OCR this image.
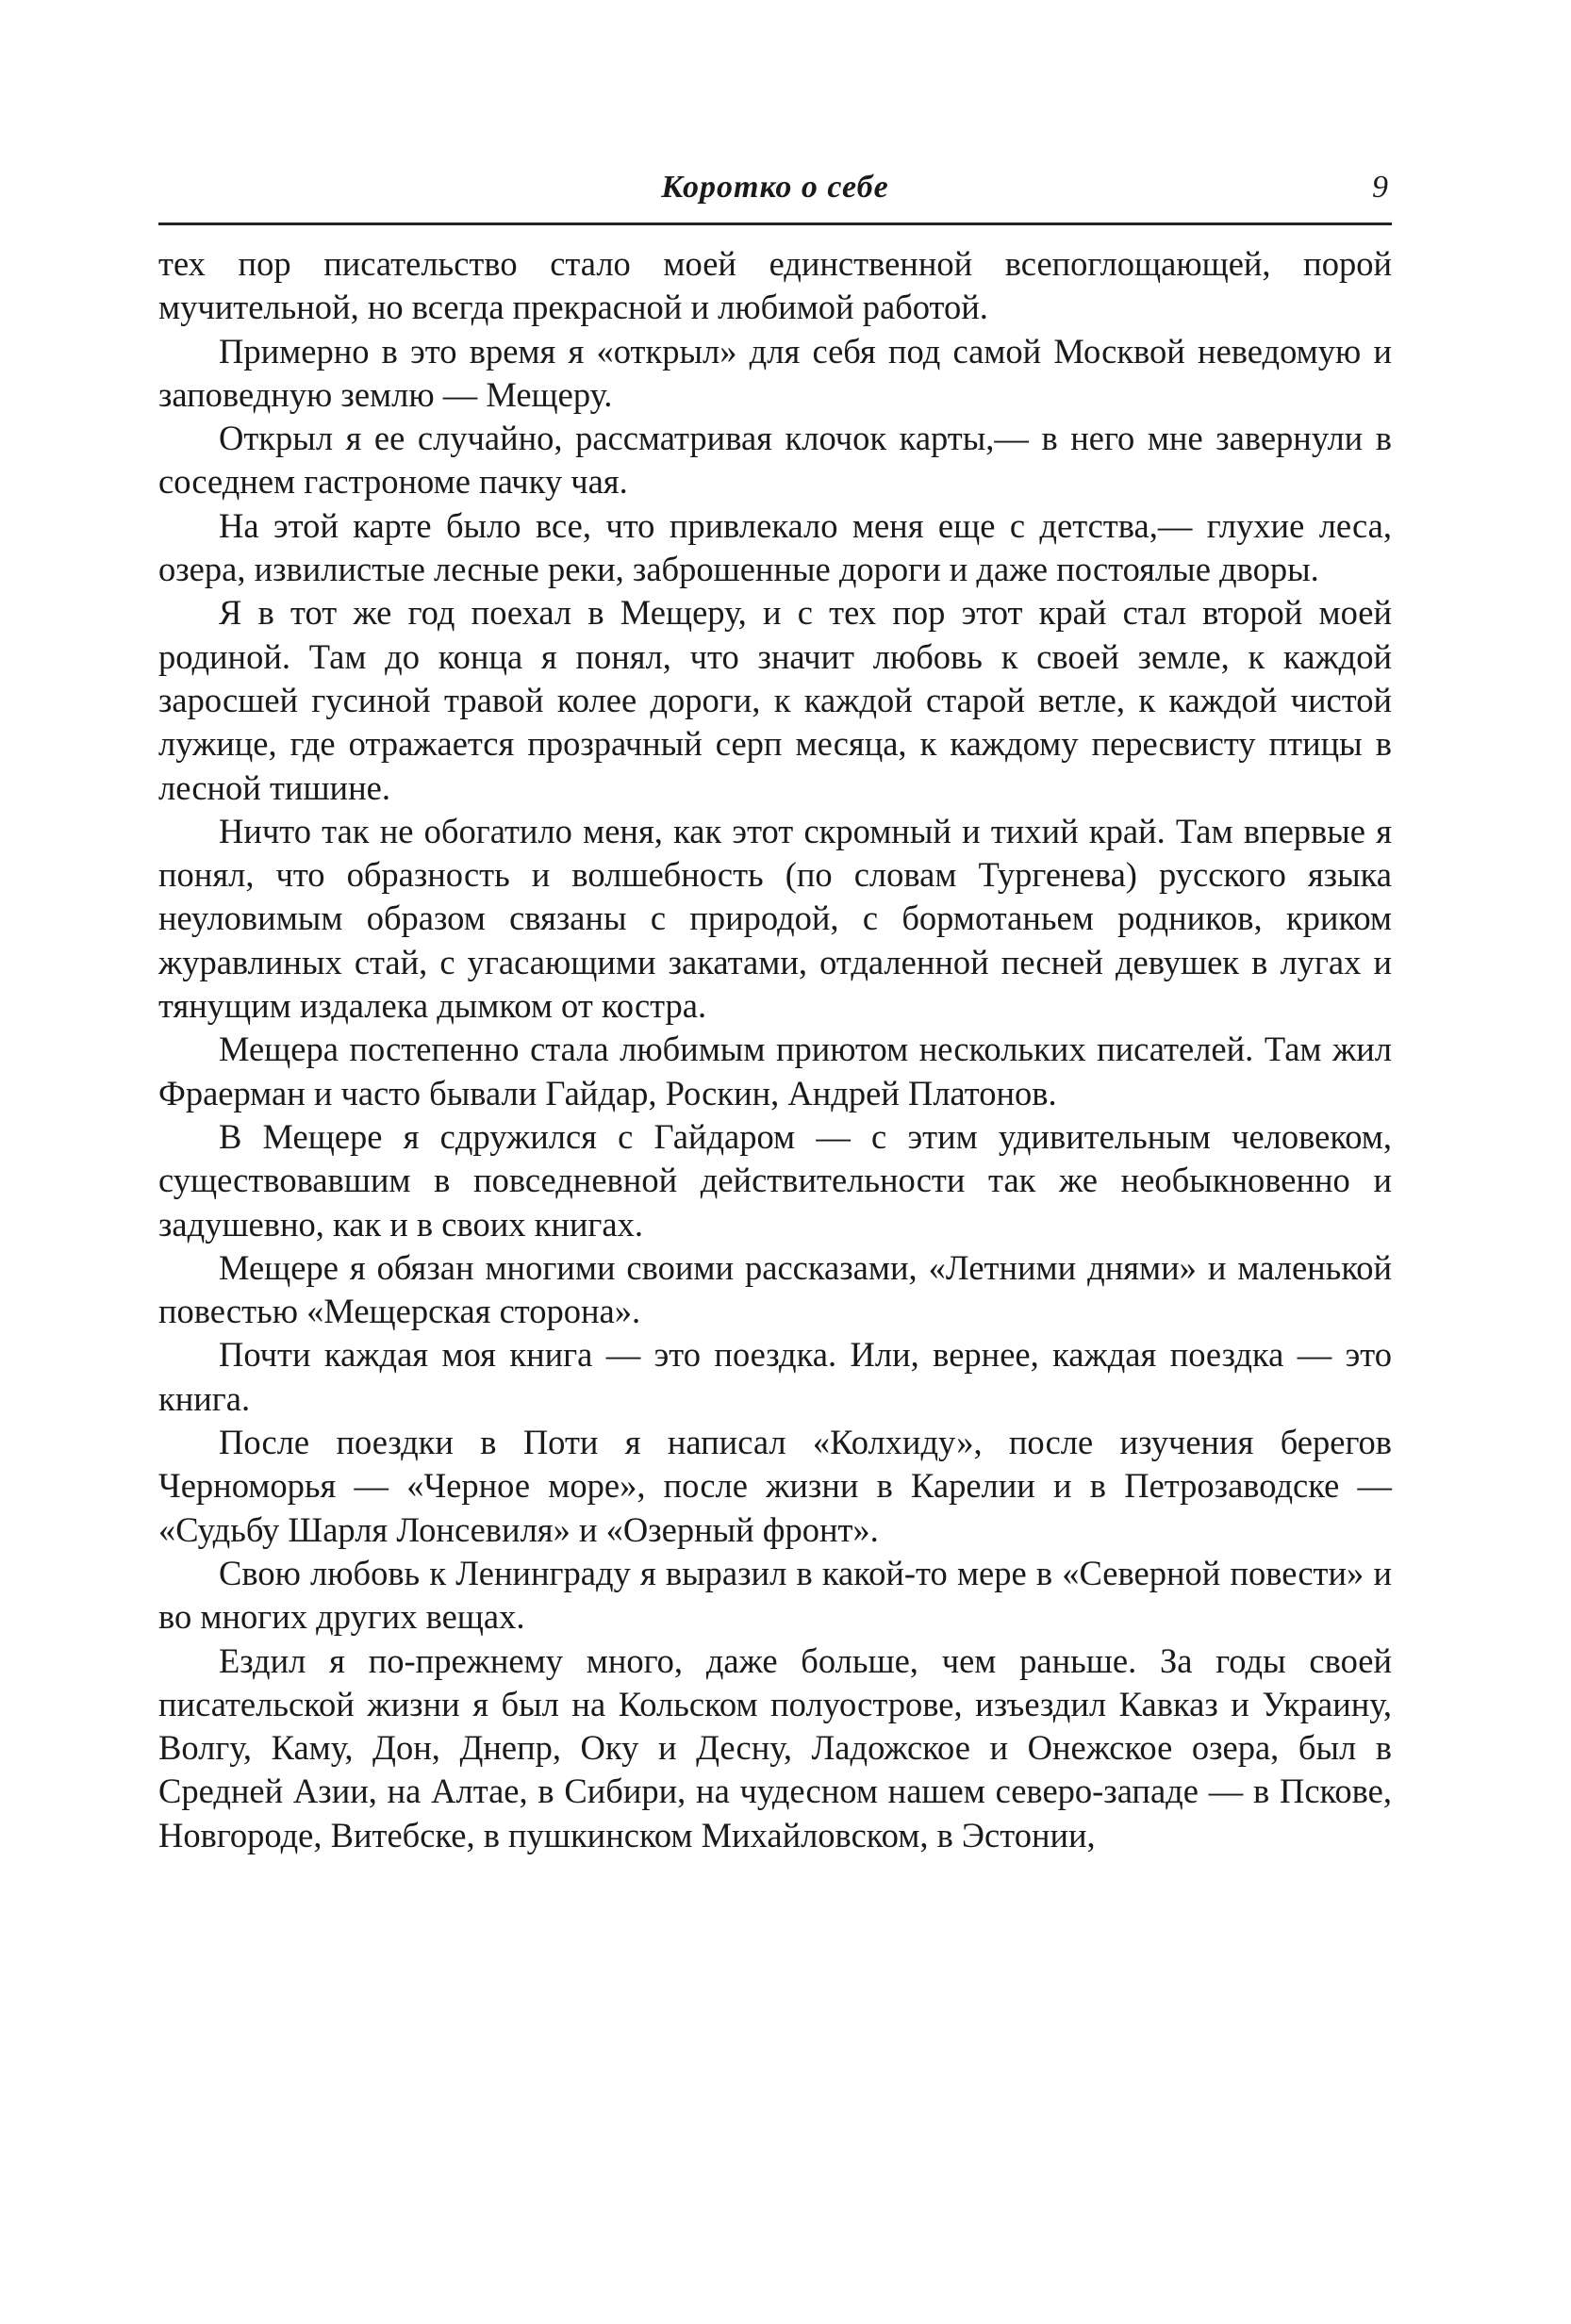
Коротко о себе	9

тех пор писательство стало моей единственной всепоглощающей, порой мучительной, но всегда прекрасной и любимой работой.

Примерно в это время я «открыл» для себя под самой Москвой неведомую и заповедную землю — Мещеру.

Открыл я ее случайно, рассматривая клочок карты,— в него мне завернули в соседнем гастрономе пачку чая.

На этой карте было все, что привлекало меня еще с детства,— глухие леса, озера, извилистые лесные реки, заброшенные дороги и даже постоялые дворы.

Я в тот же год поехал в Мещеру, и с тех пор этот край стал второй моей родиной. Там до конца я понял, что значит любовь к своей земле, к каждой заросшей гусиной травой колее дороги, к каждой старой ветле, к каждой чистой лужице, где отражается прозрачный серп месяца, к каждому пересвисту птицы в лесной тишине.

Ничто так не обогатило меня, как этот скромный и тихий край. Там впервые я понял, что образность и волшебность (по словам Тургенева) русского языка неуловимым образом связаны с природой, с бормотаньем родников, криком журавлиных стай, с угасающими закатами, отдаленной песней девушек в лугах и тянущим издалека дымком от костра.

Мещера постепенно стала любимым приютом нескольких писателей. Там жил Фраерман и часто бывали Гайдар, Роскин, Андрей Платонов.

В Мещере я сдружился с Гайдаром — с этим удивительным человеком, существовавшим в повседневной действительности так же необыкновенно и задушевно, как и в своих книгах.

Мещере я обязан многими своими рассказами, «Летними днями» и маленькой повестью «Мещерская сторона».

Почти каждая моя книга — это поездка. Или, вернее, каждая поездка — это книга.

После поездки в Поти я написал «Колхиду», после изучения берегов Черноморья — «Черное море», после жизни в Карелии и в Петрозаводске — «Судьбу Шарля Лонсевиля» и «Озерный фронт».

Свою любовь к Ленинграду я выразил в какой-то мере в «Северной повести» и во многих других вещах.

Ездил я по-прежнему много, даже больше, чем раньше. За годы своей писательской жизни я был на Кольском полуострове, изъездил Кавказ и Украину, Волгу, Каму, Дон, Днепр, Оку и Десну, Ладожское и Онежское озера, был в Средней Азии, на Алтае, в Сибири, на чудесном нашем северо-западе — в Пскове, Новгороде, Витебске, в пушкинском Михайловском, в Эстонии,
